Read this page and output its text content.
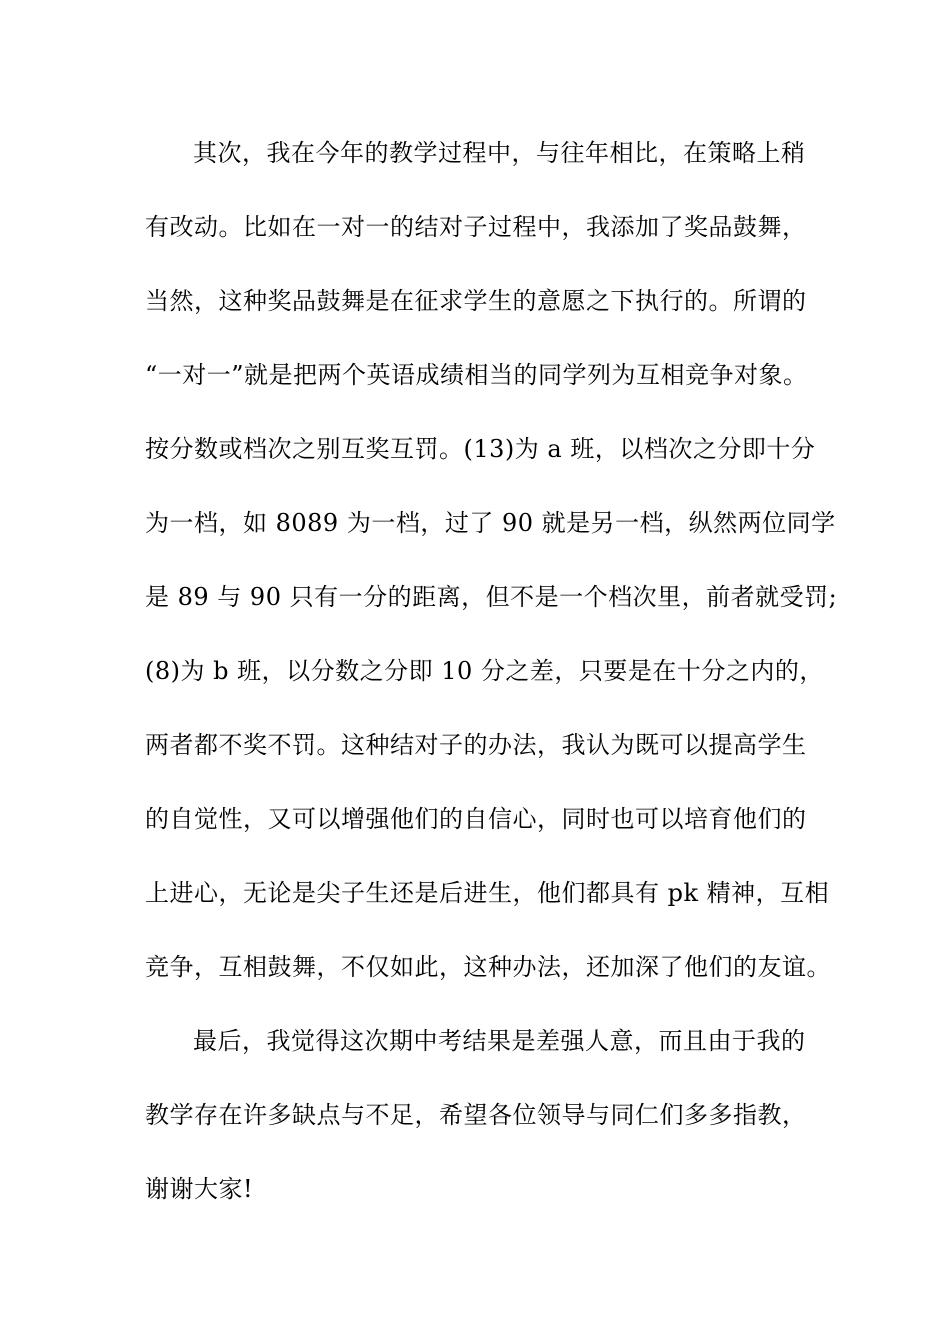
其次，我在今年的教学过程中，与往年相比，在策略上稍
有改动。比如在一对一的结对子过程中，我添加了奖品鼓舞，
当然，这种奖品鼓舞是在征求学生的意愿之下执行的。所谓的
“一对一”就是把两个英语成绩相当的同学列为互相竞争对象。
按分数或档次之别互奖互罚。(13)为 a 班，以档次之分即十分
为一档，如 8089 为一档，过了 90 就是另一档，纵然两位同学
是 89 与 90 只有一分的距离，但不是一个档次里，前者就受罚;
(8)为 b 班，以分数之分即 10 分之差，只要是在十分之内的，
两者都不奖不罚。这种结对子的办法，我认为既可以提高学生
的自觉性，又可以增强他们的自信心，同时也可以培育他们的
上进心，无论是尖子生还是后进生，他们都具有 pk 精神，互相
竞争，互相鼓舞，不仅如此，这种办法，还加深了他们的友谊。
最后，我觉得这次期中考结果是差强人意，而且由于我的
教学存在许多缺点与不足，希望各位领导与同仁们多多指教，
谢谢大家!
